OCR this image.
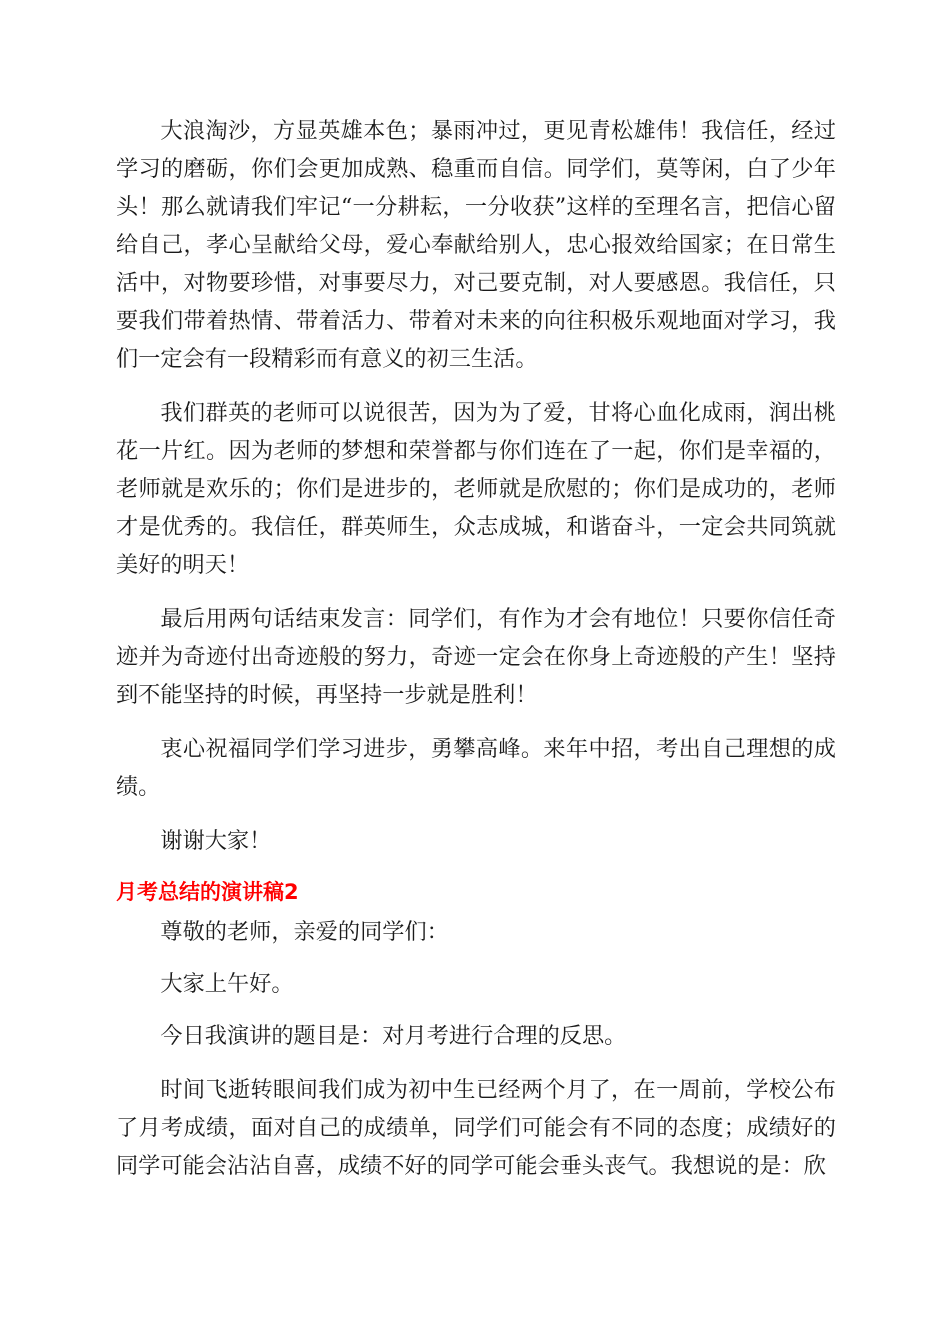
大浪淘沙，方显英雄本色；暴雨冲过，更见青松雄伟！我信任，经过学习的磨砺，你们会更加成熟、稳重而自信。同学们，莫等闲，白了少年头！那么就请我们牢记“一分耕耘，一分收获”这样的至理名言，把信心留给自己，孝心呈献给父母，爱心奉献给别人，忠心报效给国家；在日常生活中，对物要珍惜，对事要尽力，对己要克制，对人要感恩。我信任，只要我们带着热情、带着活力、带着对未来的向往积极乐观地面对学习，我们一定会有一段精彩而有意义的初三生活。

我们群英的老师可以说很苦，因为为了爱，甘将心血化成雨，润出桃花一片红。因为老师的梦想和荣誉都与你们连在了一起，你们是幸福的，老师就是欢乐的；你们是进步的，老师就是欣慰的；你们是成功的，老师才是优秀的。我信任，群英师生，众志成城，和谐奋斗，一定会共同筑就美好的明天！

最后用两句话结束发言：同学们，有作为才会有地位！只要你信任奇迹并为奇迹付出奇迹般的努力，奇迹一定会在你身上奇迹般的产生！坚持到不能坚持的时候，再坚持一步就是胜利！

衷心祝福同学们学习进步，勇攀高峰。来年中招，考出自己理想的成绩。

谢谢大家！

月考总结的演讲稿2

尊敬的老师，亲爱的同学们：

大家上午好。

今日我演讲的题目是：对月考进行合理的反思。

时间飞逝转眼间我们成为初中生已经两个月了，在一周前，学校公布了月考成绩，面对自己的成绩单，同学们可能会有不同的态度；成绩好的同学可能会沾沾自喜，成绩不好的同学可能会垂头丧气。我想说的是：欣
